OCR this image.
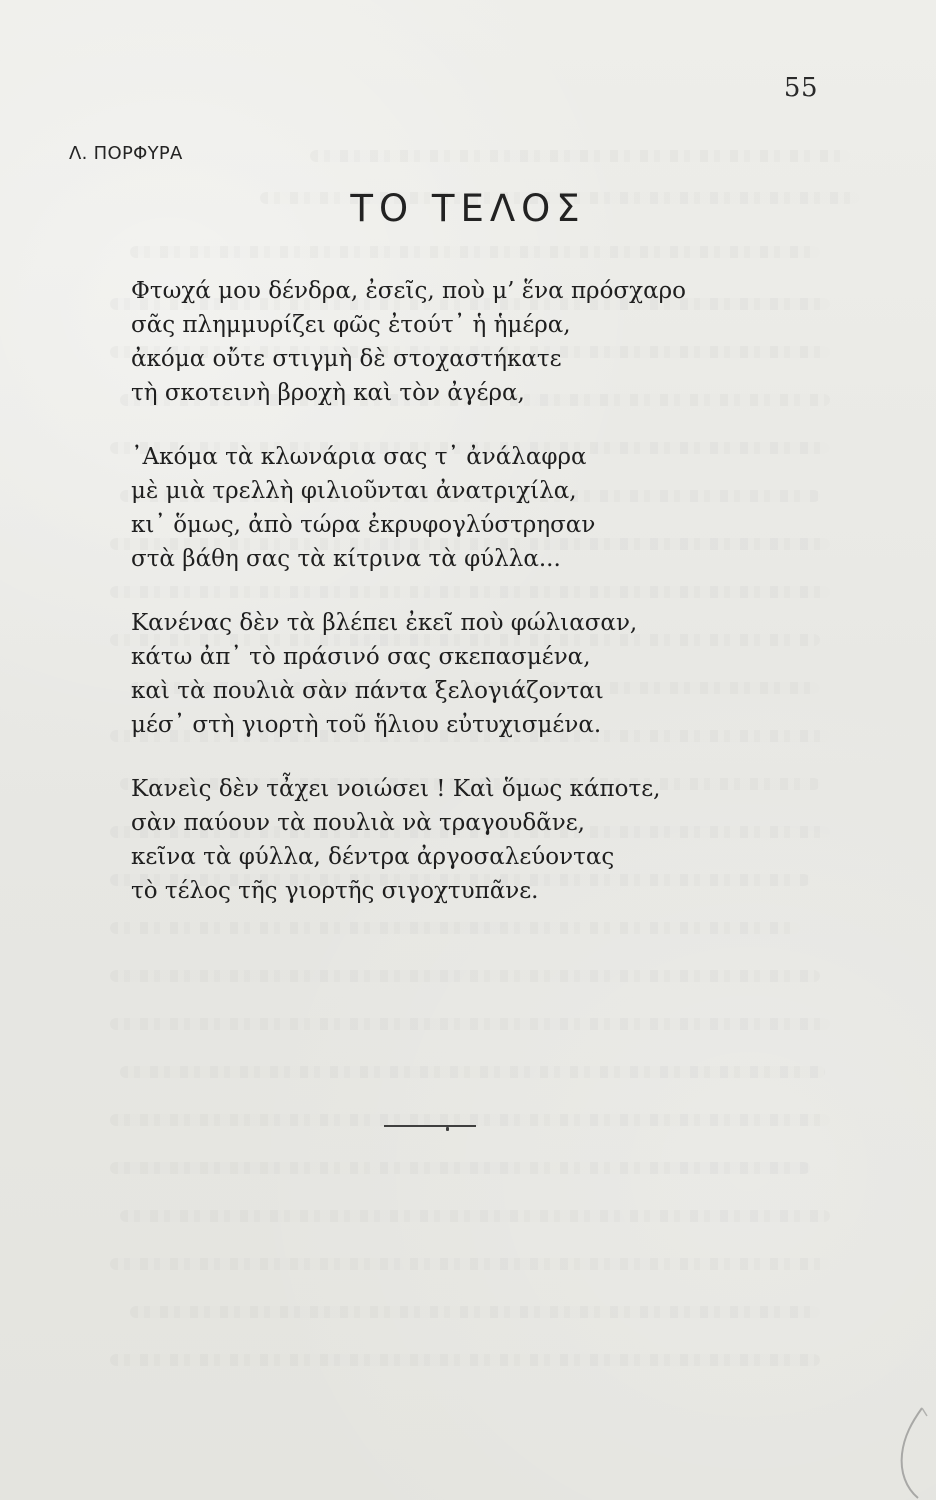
55
Λ. ΠΟΡΦΥΡΑ
ΤΟ ΤΕΛΟΣ
Φτωχά μου δένδρα, ἐσεῖς, ποὺ μ’ ἕνα πρόσχαρο
σᾶς πλημμυρίζει φῶς ἐτούτ᾽ ἡ ἡμέρα,
ἀκόμα οὔτε στιγμὴ δὲ στοχαστήκατε
τὴ σκοτεινὴ βροχὴ καὶ τὸν ἀγέρα,
᾽Ακόμα τὰ κλωνάρια σας τ᾽ ἀνάλαφρα
μὲ μιὰ τρελλὴ φιλιοῦνται ἀνατριχίλα,
κι᾽ ὅμως, ἀπὸ τώρα ἐκρυφογλύστρησαν
στὰ βάθη σας τὰ κίτρινα τὰ φύλλα...
Κανένας δὲν τὰ βλέπει ἐκεῖ ποὺ φώλιασαν,
κάτω ἀπ᾽ τὸ πράσινό σας σκεπασμένα,
καὶ τὰ πουλιὰ σὰν πάντα ξελογιάζονται
μέσ᾽ στὴ γιορτὴ τοῦ ἥλιου εὐτυχισμένα.
Κανεὶς δὲν τἆχει νοιώσει ! Καὶ ὅμως κάποτε,
σὰν παύουν τὰ πουλιὰ νὰ τραγουδᾶνε,
κεῖνα τὰ φύλλα, δέντρα ἀργοσαλεύοντας
τὸ τέλος τῆς γιορτῆς σιγοχτυπᾶνε.
